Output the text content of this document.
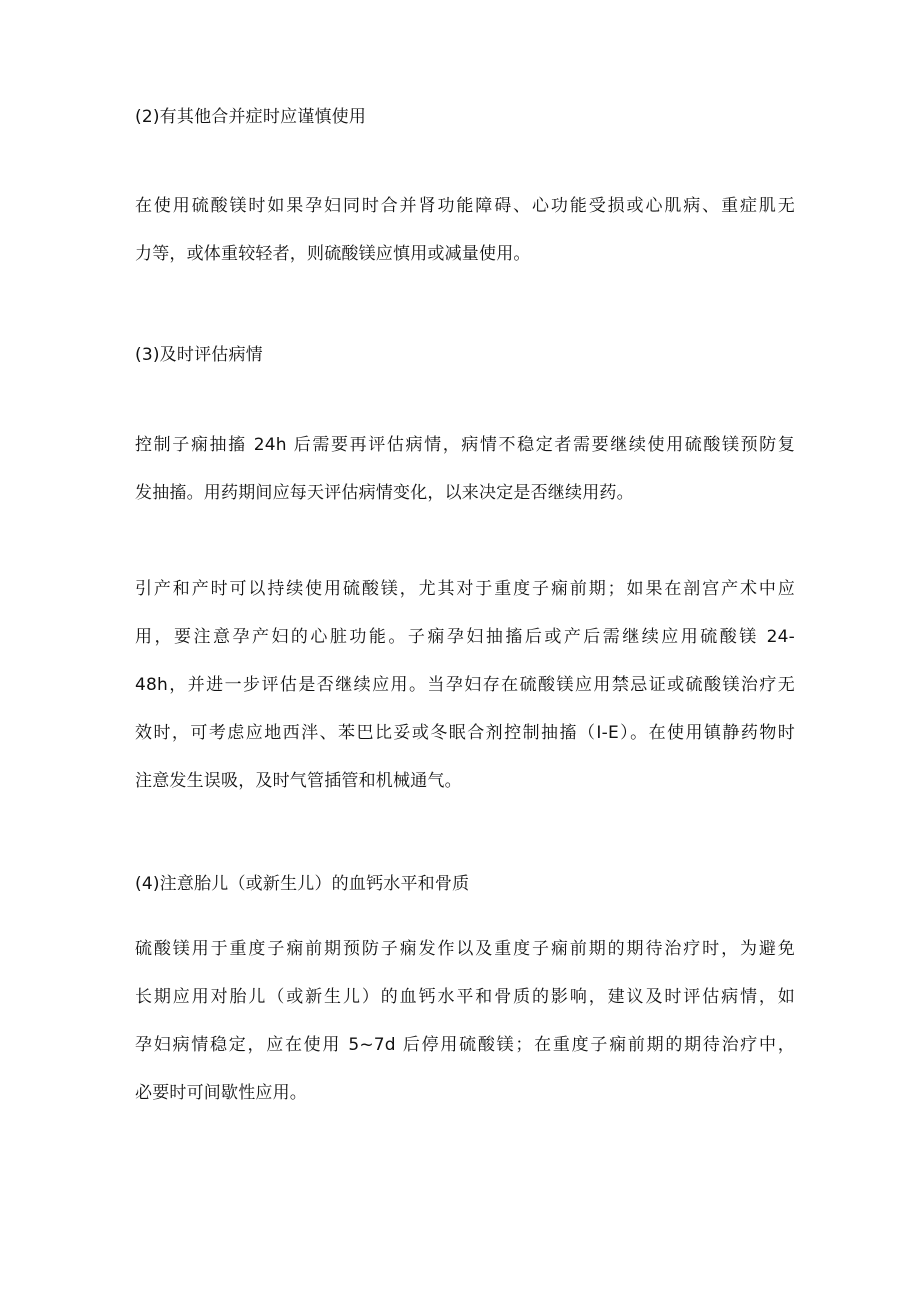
(2)有其他合并症时应谨慎使用

在使用硫酸镁时如果孕妇同时合并肾功能障碍、心功能受损或心肌病、重症肌无
力等，或体重较轻者，则硫酸镁应慎用或减量使用。

(3)及时评估病情

控制子痫抽搐 24h 后需要再评估病情，病情不稳定者需要继续使用硫酸镁预防复
发抽搐。用药期间应每天评估病情变化，以来决定是否继续用药。

引产和产时可以持续使用硫酸镁，尤其对于重度子痫前期；如果在剖宫产术中应
用，要注意孕产妇的心脏功能。子痫孕妇抽搐后或产后需继续应用硫酸镁 24-
48h，并进一步评估是否继续应用。当孕妇存在硫酸镁应用禁忌证或硫酸镁治疗无
效时，可考虑应地西泮、苯巴比妥或冬眠合剂控制抽搐（I-E）。在使用镇静药物时
注意发生误吸，及时气管插管和机械通气。

(4)注意胎儿（或新生儿）的血钙水平和骨质

硫酸镁用于重度子痫前期预防子痫发作以及重度子痫前期的期待治疗时，为避免
长期应用对胎儿（或新生儿）的血钙水平和骨质的影响，建议及时评估病情，如
孕妇病情稳定，应在使用 5~7d 后停用硫酸镁；在重度子痫前期的期待治疗中，
必要时可间歇性应用。
